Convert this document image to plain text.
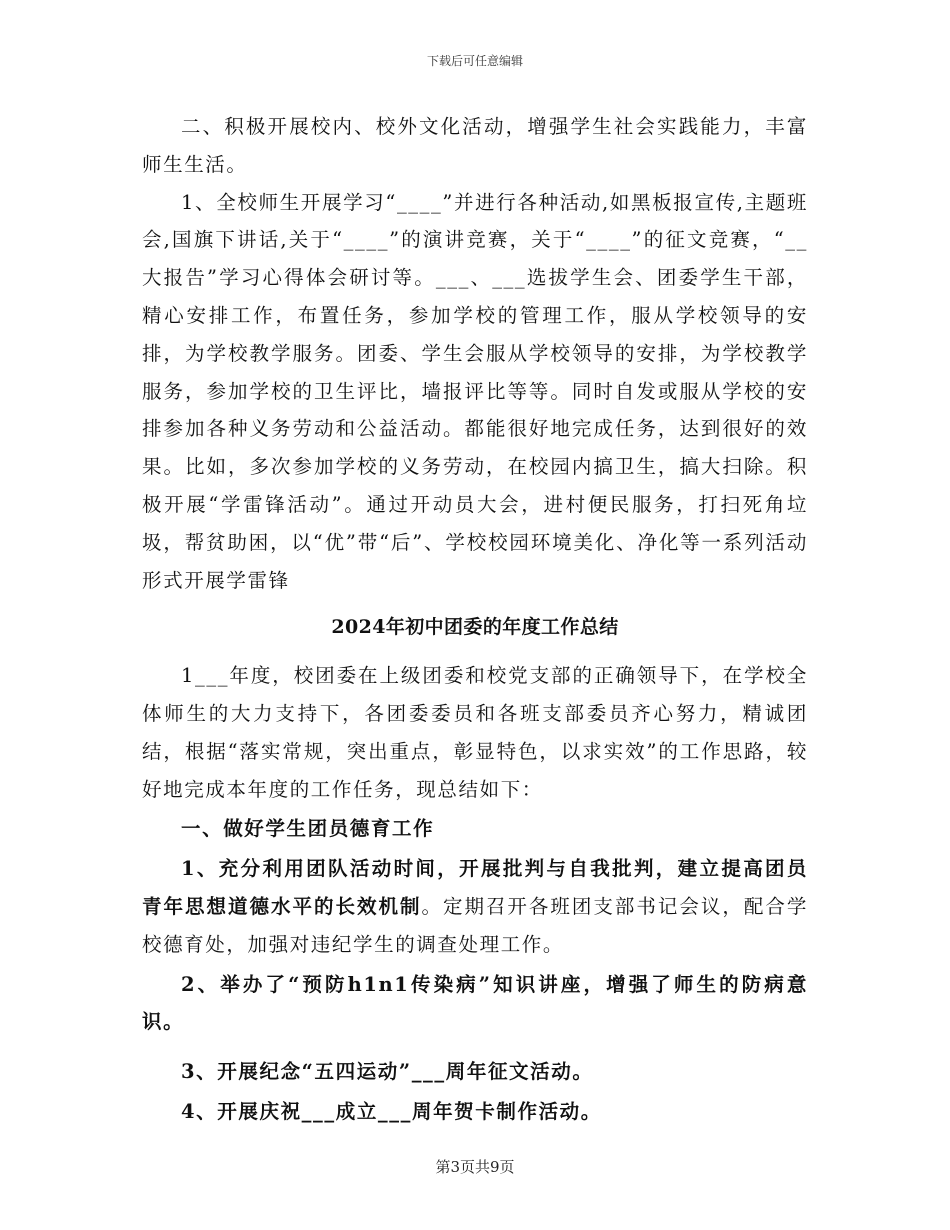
下载后可任意编辑

二、积极开展校内、校外文化活动，增强学生社会实践能力，丰富师生生活。

1、全校师生开展学习“____”并进行各种活动,如黑板报宣传,主题班会,国旗下讲话,关于“____”的演讲竞赛，关于“____”的征文竞赛，“__大报告”学习心得体会研讨等。___、___选拔学生会、团委学生干部，精心安排工作，布置任务，参加学校的管理工作，服从学校领导的安排，为学校教学服务。团委、学生会服从学校领导的安排，为学校教学服务，参加学校的卫生评比，墙报评比等等。同时自发或服从学校的安排参加各种义务劳动和公益活动。都能很好地完成任务，达到很好的效果。比如，多次参加学校的义务劳动，在校园内搞卫生，搞大扫除。积极开展“学雷锋活动”。通过开动员大会，进村便民服务，打扫死角垃圾，帮贫助困，以“优”带“后”、学校校园环境美化、净化等一系列活动形式开展学雷锋

2024年初中团委的年度工作总结

1___年度，校团委在上级团委和校党支部的正确领导下，在学校全体师生的大力支持下，各团委委员和各班支部委员齐心努力，精诚团结，根据“落实常规，突出重点，彰显特色，以求实效”的工作思路，较好地完成本年度的工作任务，现总结如下：

一、做好学生团员德育工作

1、充分利用团队活动时间，开展批判与自我批判，建立提高团员青年思想道德水平的长效机制。定期召开各班团支部书记会议，配合学校德育处，加强对违纪学生的调查处理工作。

2、举办了“预防h1n1传染病”知识讲座，增强了师生的防病意识。

3、开展纪念“五四运动”___周年征文活动。

4、开展庆祝___成立___周年贺卡制作活动。

第3页共9页
